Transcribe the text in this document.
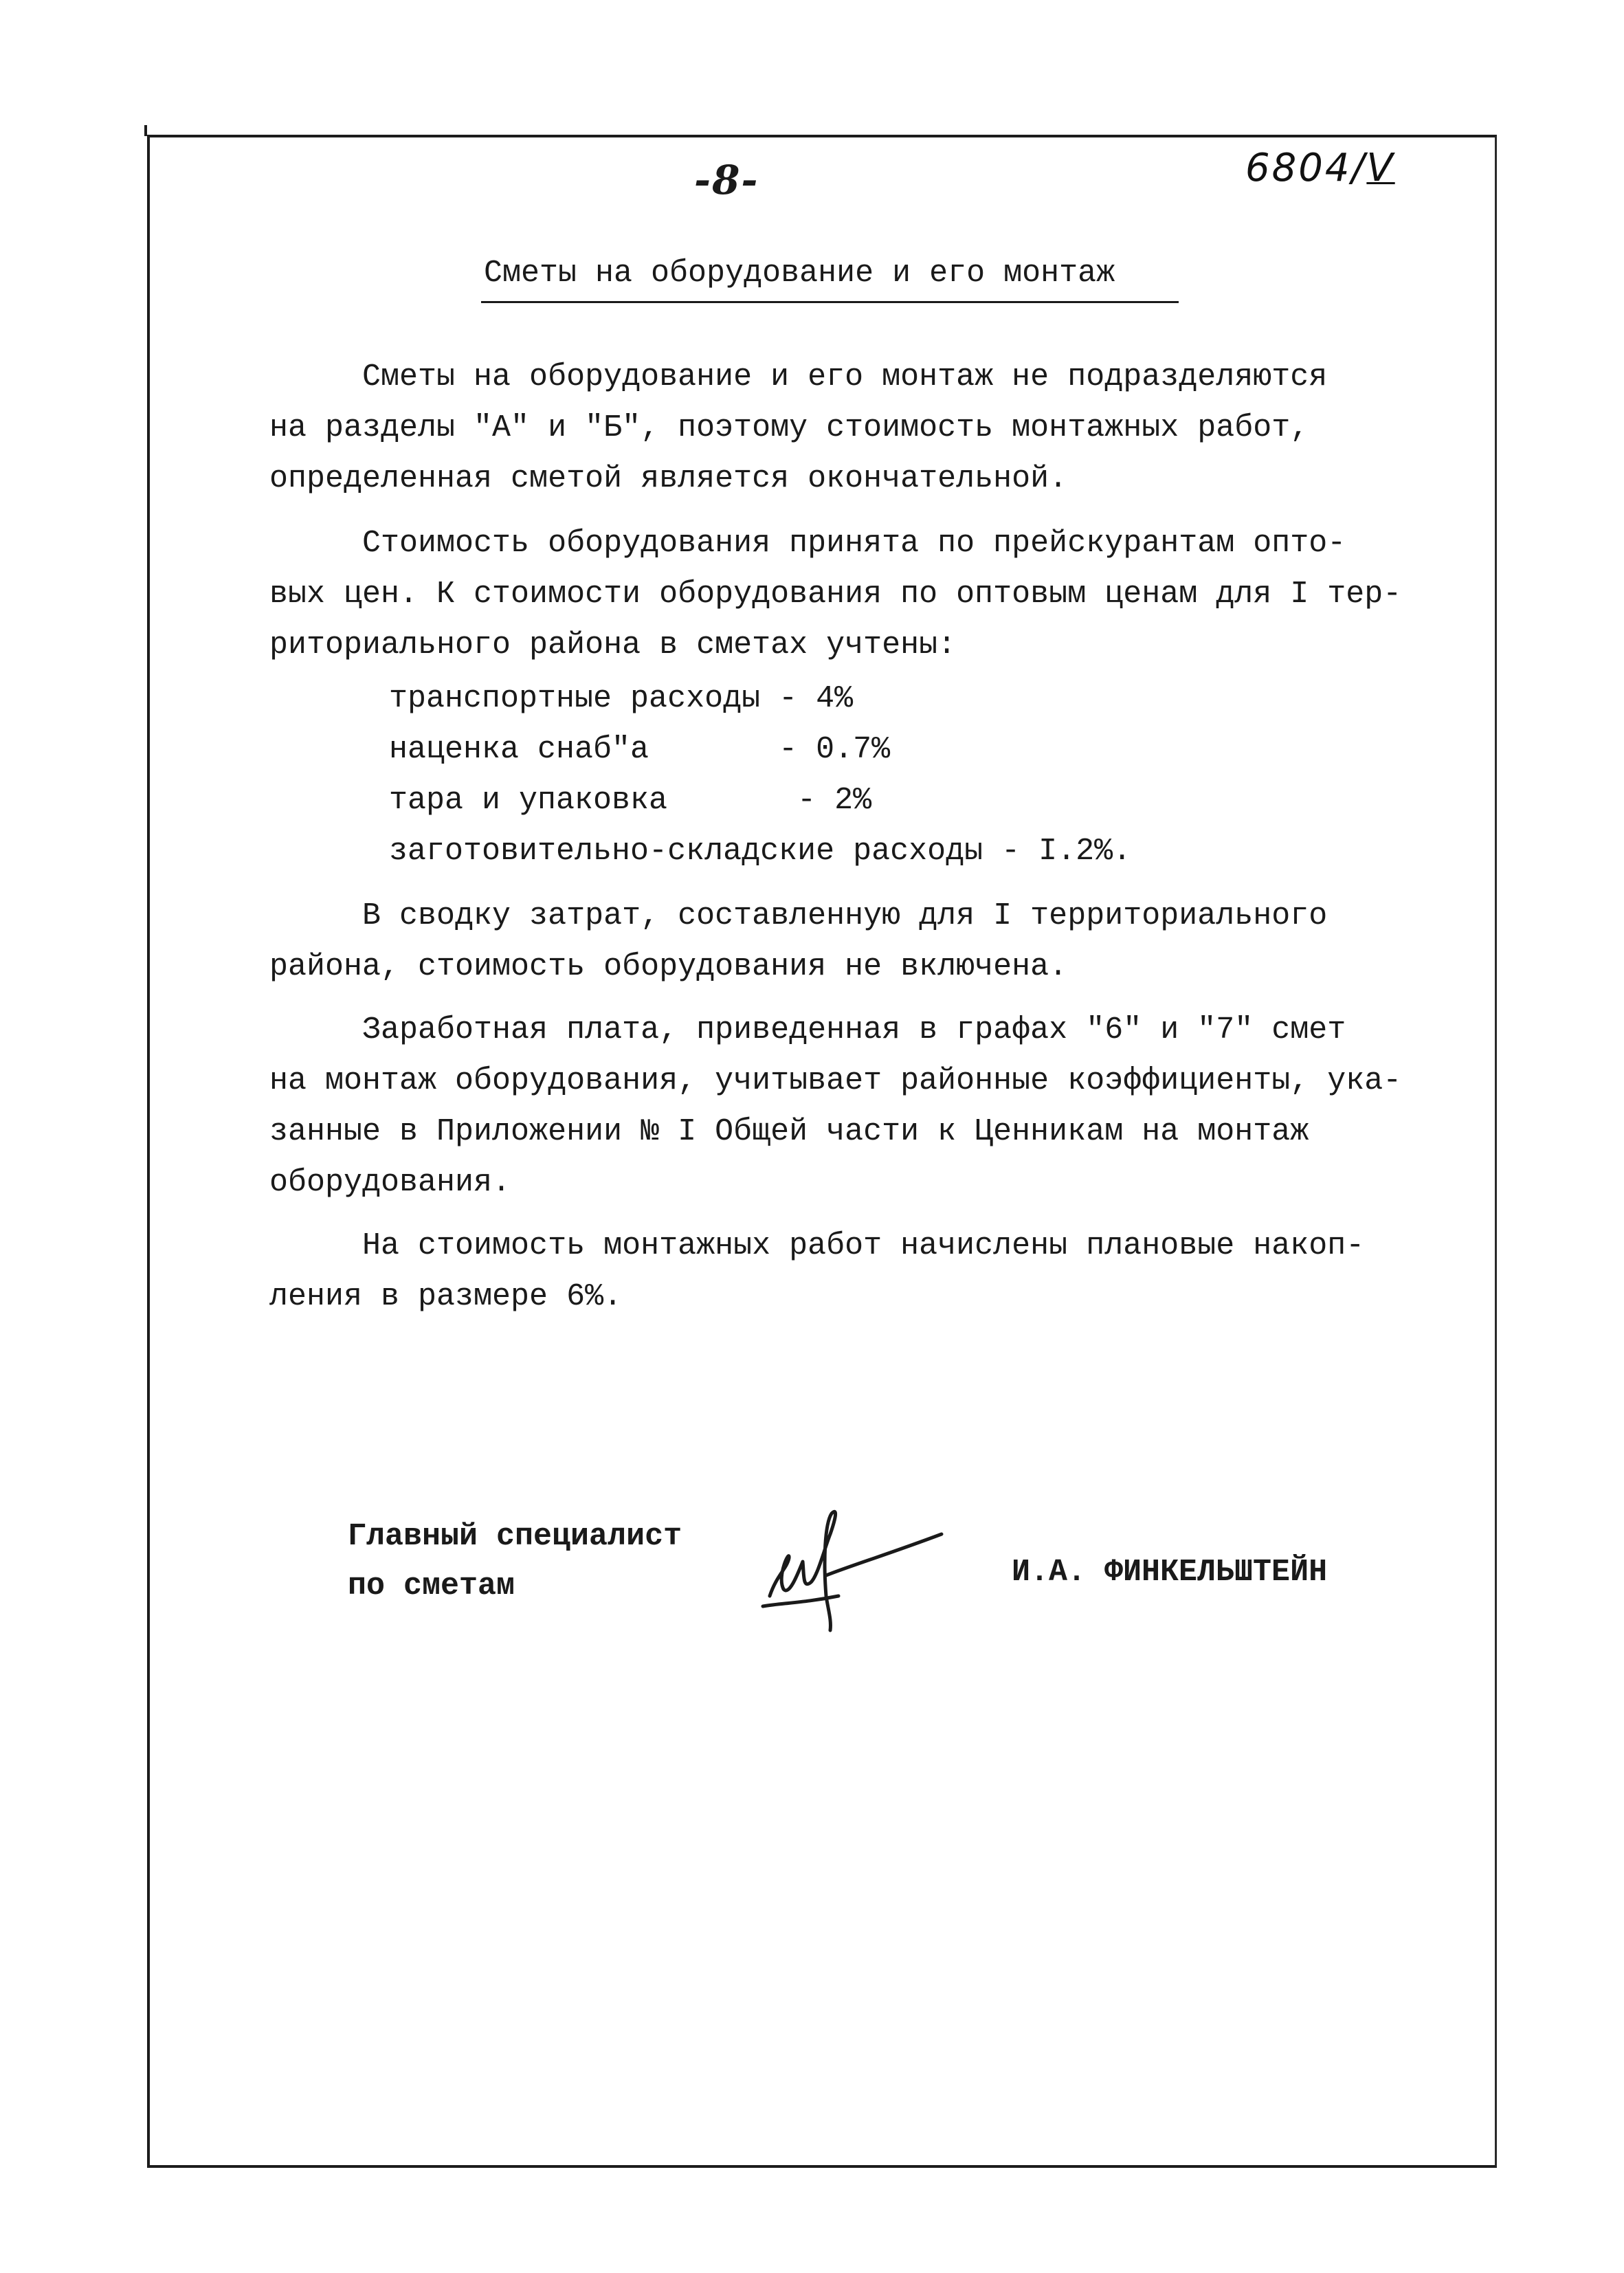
-8-	6804/V
Сметы на оборудование и его монтаж
Сметы на оборудование и его монтаж не подразделяются
на разделы "А" и "Б", поэтому стоимость монтажных работ,
определенная сметой является окончательной.
Стоимость оборудования принята по прейскурантам опто-
вых цен. К стоимости оборудования по оптовым ценам для I тер-
риториального района в сметах учтены:
транспортные расходы - 4%
наценка снаб"а       - 0.7%
тара и упаковка       - 2%
заготовительно-складские расходы - I.2%.
В сводку затрат, составленную для I территориального
района, стоимость оборудования не включена.
Заработная плата, приведенная в графах "6" и "7" смет
на монтаж оборудования, учитывает районные коэффициенты, ука-
занные в Приложении № I Общей части к Ценникам на монтаж
оборудования.
На стоимость монтажных работ начислены плановые накоп-
ления в размере 6%.
Главный специалист
по сметам	И.А. ФИНКЕЛЬШТЕЙН
